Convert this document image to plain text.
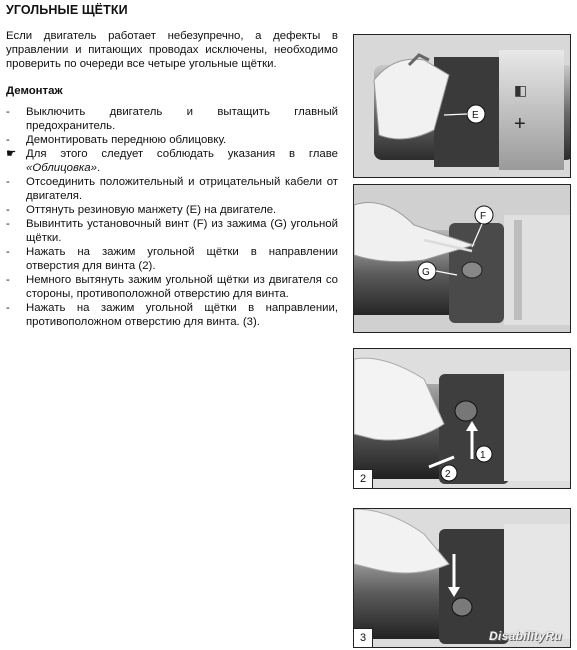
УГОЛЬНЫЕ ЩЁТКИ

Если двигатель работает небезупречно, а дефекты в управлении и питающих проводах исключены, необходимо проверить по очереди все четыре угольные щётки.

Демонтаж
-	Выключить двигатель и вытащить главный предохранитель.
-	Демонтировать переднюю облицовку.
☛ Для этого следует соблюдать указания в главе «Облицовка».
-	Отсоединить положительный и отрицательный кабели от двигателя.
-	Оттянуть резиновую манжету (E) на двигателе.
-	Вывинтить установочный винт (F) из зажима (G) угольной щётки.
-	Нажать на зажим угольной щётки в направлении отверстия для винта (2).
-	Немного вытянуть зажим угольной щётки из двигателя со стороны, противоположной отверстию для винта.
-	Нажать на зажим угольной щётки в направлении, противоположном отверстию для винта. (3).
◧
+
E
F
G
1
2
2
3	DisabilityRu
